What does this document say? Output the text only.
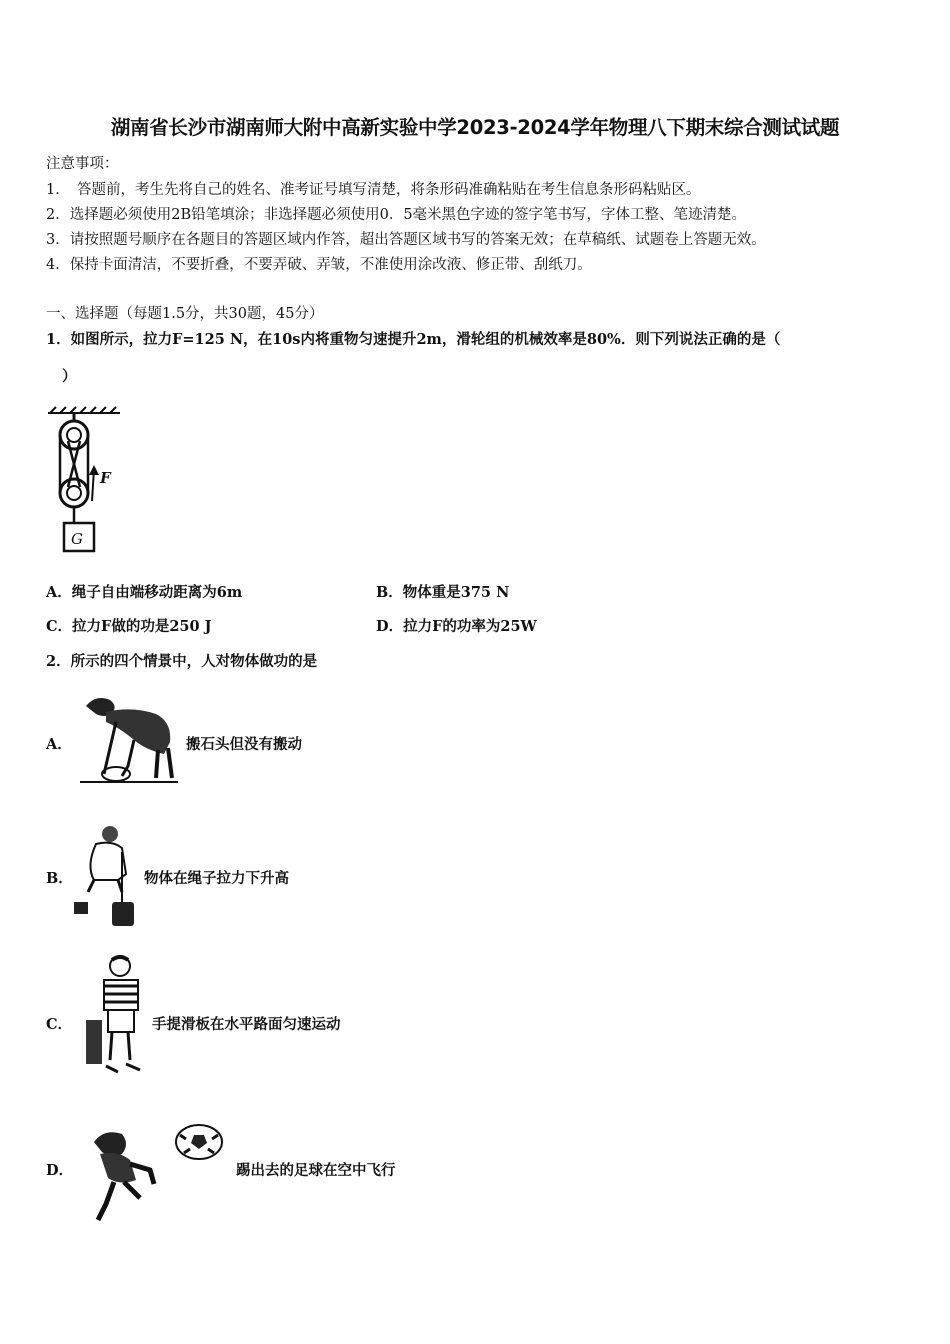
湖南省长沙市湖南师大附中高新实验中学2023-2024学年物理八下期末综合测试试题
注意事项：
1．　答题前，考生先将自己的姓名、准考证号填写清楚，将条形码准确粘贴在考生信息条形码粘贴区。
2．选择题必须使用2B铅笔填涂；非选择题必须使用0．5毫米黑色字迹的签字笔书写，字体工整、笔迹清楚。
3．请按照题号顺序在各题目的答题区域内作答，超出答题区域书写的答案无效；在草稿纸、试题卷上答题无效。
4．保持卡面清洁，不要折叠，不要弄破、弄皱，不准使用涂改液、修正带、刮纸刀。
一、选择题（每题1.5分，共30题，45分）
1．如图所示，拉力F=125 N，在10s内将重物匀速提升2m，滑轮组的机械效率是80%．则下列说法正确的是（
）
F
G
A．绳子自由端移动距离为6m	B．物体重是375 N
C．拉力F做的功是250 J	D．拉力F的功率为25W
2．所示的四个情景中，人对物体做功的是
A．	搬石头但没有搬动
B．	物体在绳子拉力下升高
C．	手提滑板在水平路面匀速运动
D．	踢出去的足球在空中飞行
